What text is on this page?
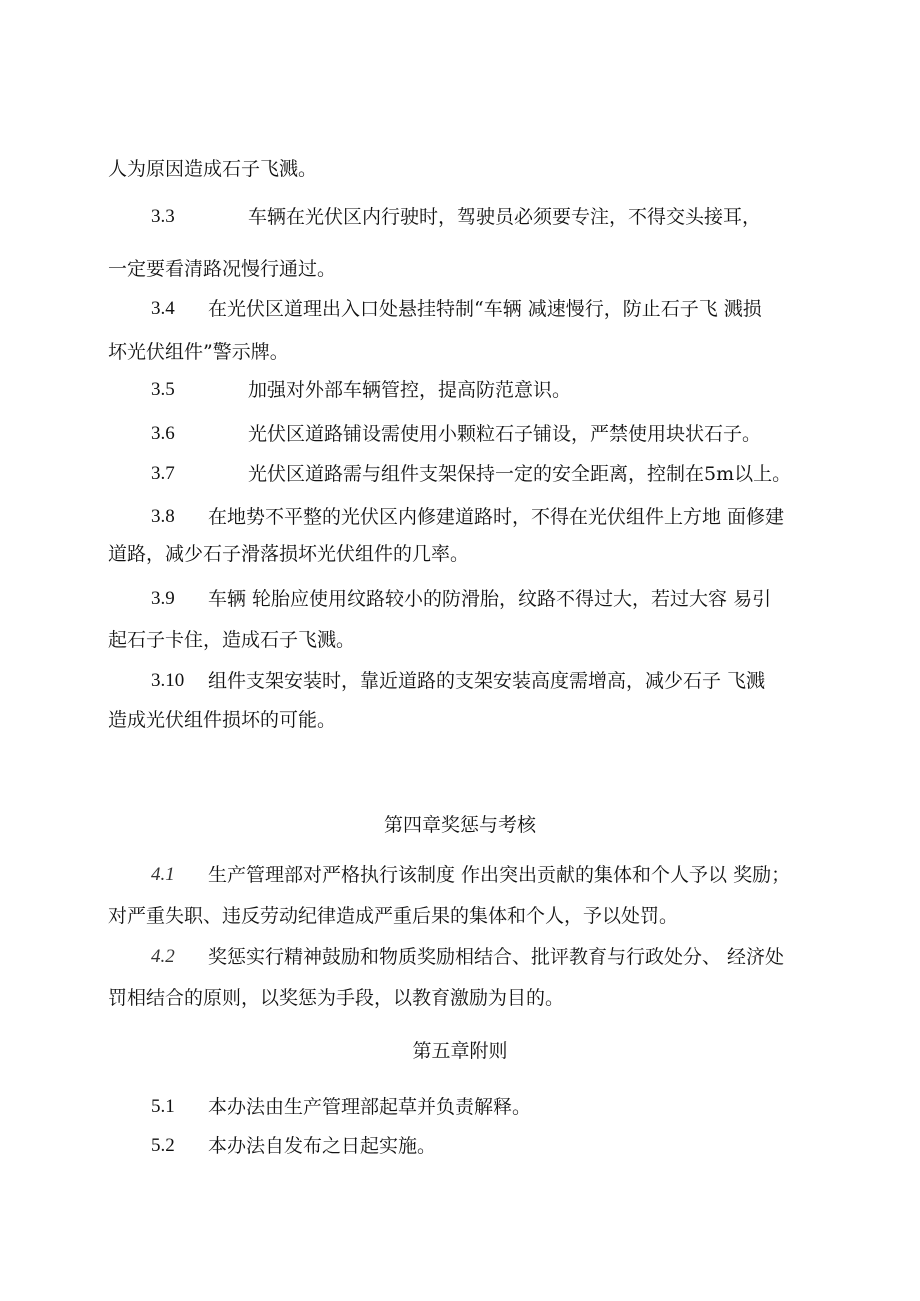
人为原因造成石子飞溅。
3.3	车辆在光伏区内行驶时，驾驶员必须要专注，不得交头接耳，
一定要看清路况慢行通过。
3.4 在光伏区道理出入口处悬挂特制“车辆 减速慢行，防止石子飞 溅损
坏光伏组件”警示牌。
3.5	加强对外部车辆管控，提高防范意识。
3.6	光伏区道路铺设需使用小颗粒石子铺设，严禁使用块状石子。
3.7	光伏区道路需与组件支架保持一定的安全距离，控制在5m以上。
3.8 在地势不平整的光伏区内修建道路时，不得在光伏组件上方地 面修建
道路，减少石子滑落损坏光伏组件的几率。
3.9 车辆 轮胎应使用纹路较小的防滑胎，纹路不得过大，若过大容 易引
起石子卡住，造成石子飞溅。
3.10 组件支架安装时，靠近道路的支架安装高度需增高，减少石子 飞溅
造成光伏组件损坏的可能。
第四章奖惩与考核
4.1 生产管理部对严格执行该制度 作出突出贡献的集体和个人予以 奖励；
对严重失职、违反劳动纪律造成严重后果的集体和个人，予以处罚。
4.2 奖惩实行精神鼓励和物质奖励相结合、批评教育与行政处分、 经济处
罚相结合的原则，以奖惩为手段，以教育激励为目的。
第五章附则
5.1 本办法由生产管理部起草并负责解释。
5.2 本办法自发布之日起实施。
